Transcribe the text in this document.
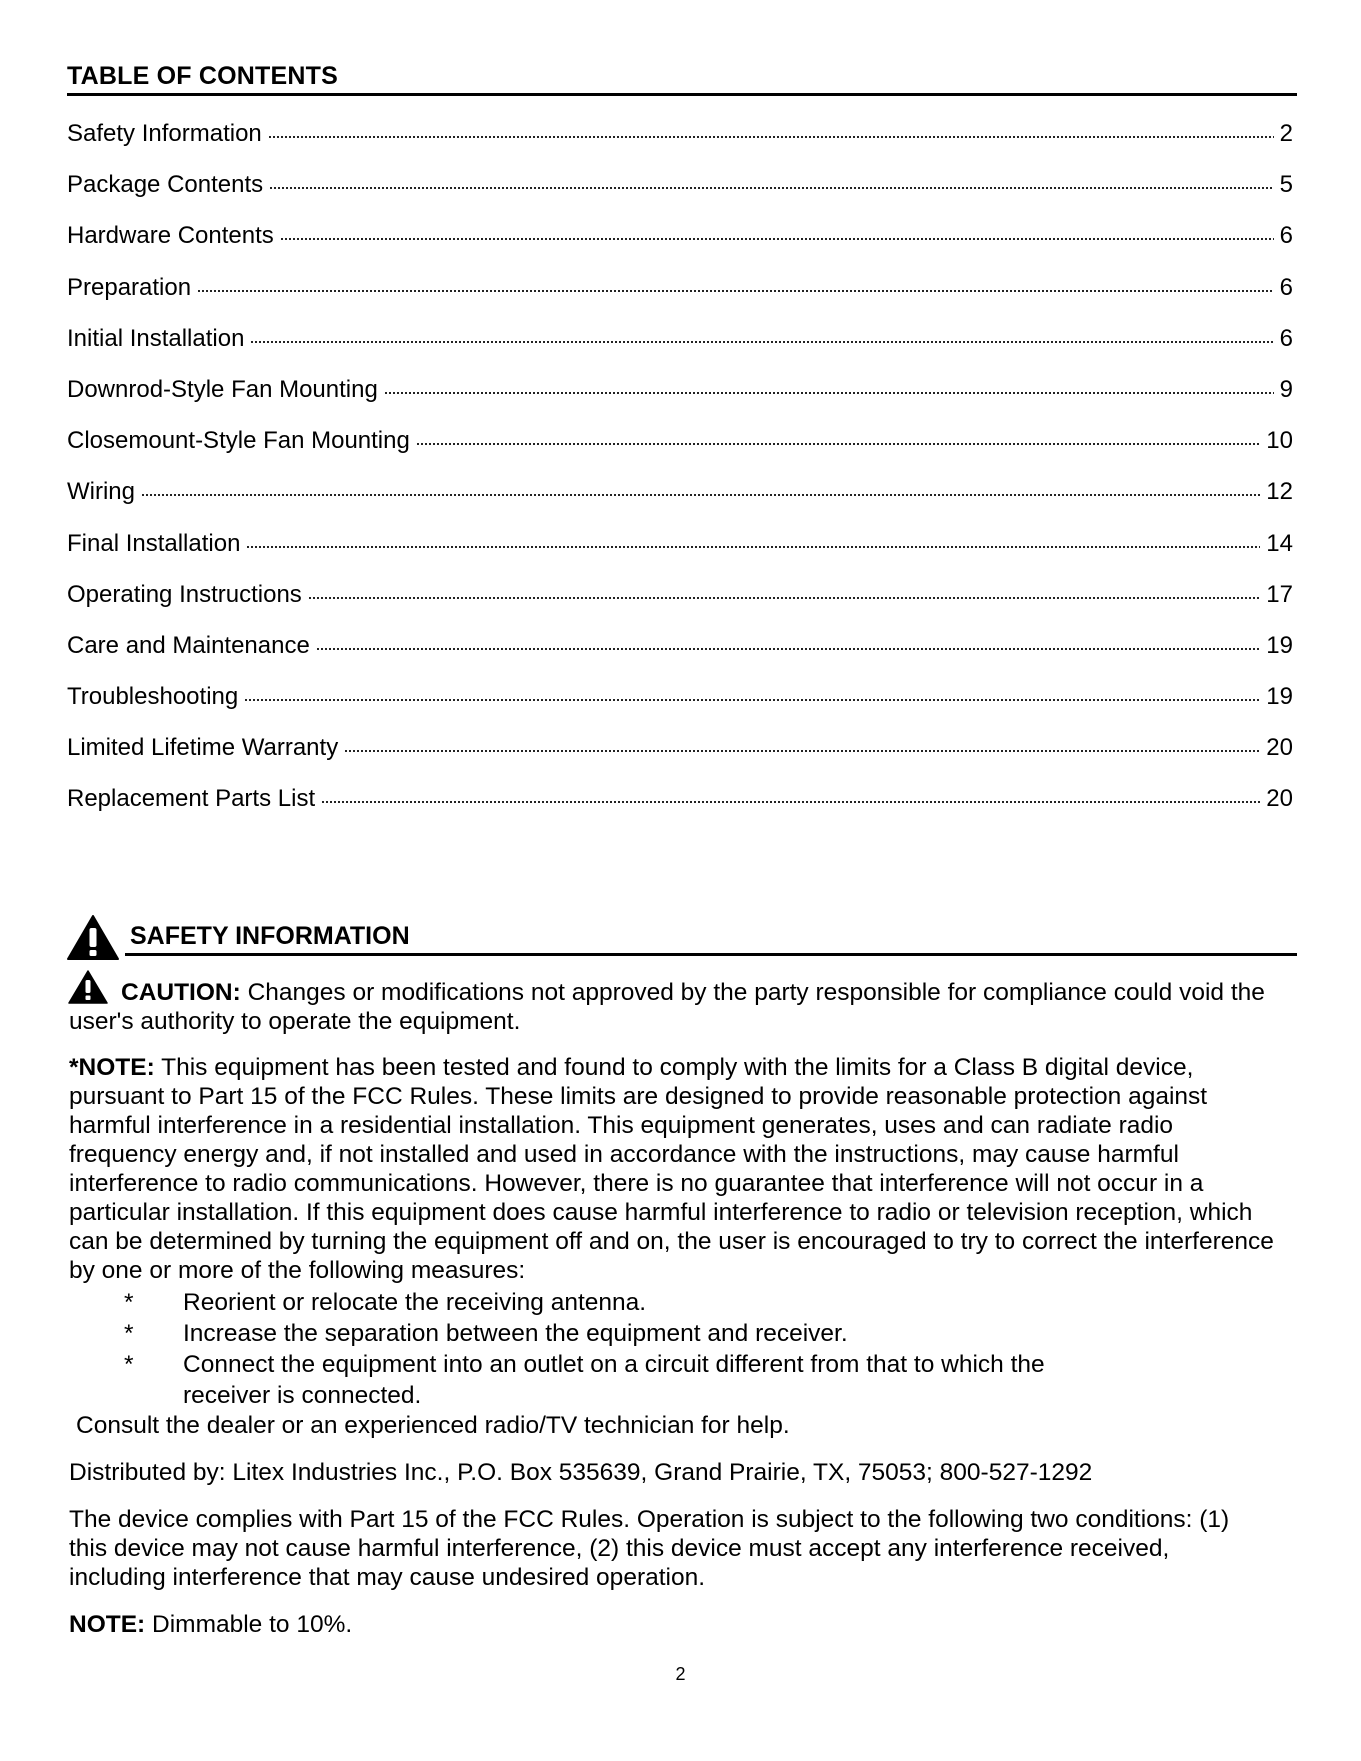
TABLE OF CONTENTS
Safety Information	2
Package Contents	5
Hardware Contents	6
Preparation	6
Initial Installation	6
Downrod-Style Fan Mounting	9
Closemount-Style Fan Mounting	10
Wiring	12
Final Installation	14
Operating Instructions	17
Care and Maintenance	19
Troubleshooting	19
Limited Lifetime Warranty	20
Replacement Parts List	20
SAFETY INFORMATION

CAUTION: Changes or modifications not approved by the party responsible for compliance could void the user's authority to operate the equipment.

*NOTE: This equipment has been tested and found to comply with the limits for a Class B digital device, pursuant to Part 15 of the FCC Rules. These limits are designed to provide reasonable protection against harmful interference in a residential installation. This equipment generates, uses and can radiate radio frequency energy and, if not installed and used in accordance with the instructions, may cause harmful interference to radio communications. However, there is no guarantee that interference will not occur in a particular installation. If this equipment does cause harmful interference to radio or television reception, which can be determined by turning the equipment off and on, the user is encouraged to try to correct the interference by one or more of the following measures:

*	Reorient or relocate the receiving antenna.
*	Increase the separation between the equipment and receiver.
*	Connect the equipment into an outlet on a circuit different from that to which the receiver is connected.

Consult the dealer or an experienced radio/TV technician for help.

Distributed by: Litex Industries Inc., P.O. Box 535639, Grand Prairie, TX, 75053; 800-527-1292

The device complies with Part 15 of the FCC Rules. Operation is subject to the following two conditions: (1) this device may not cause harmful interference, (2) this device must accept any interference received, including interference that may cause undesired operation.

NOTE: Dimmable to 10%.

2
